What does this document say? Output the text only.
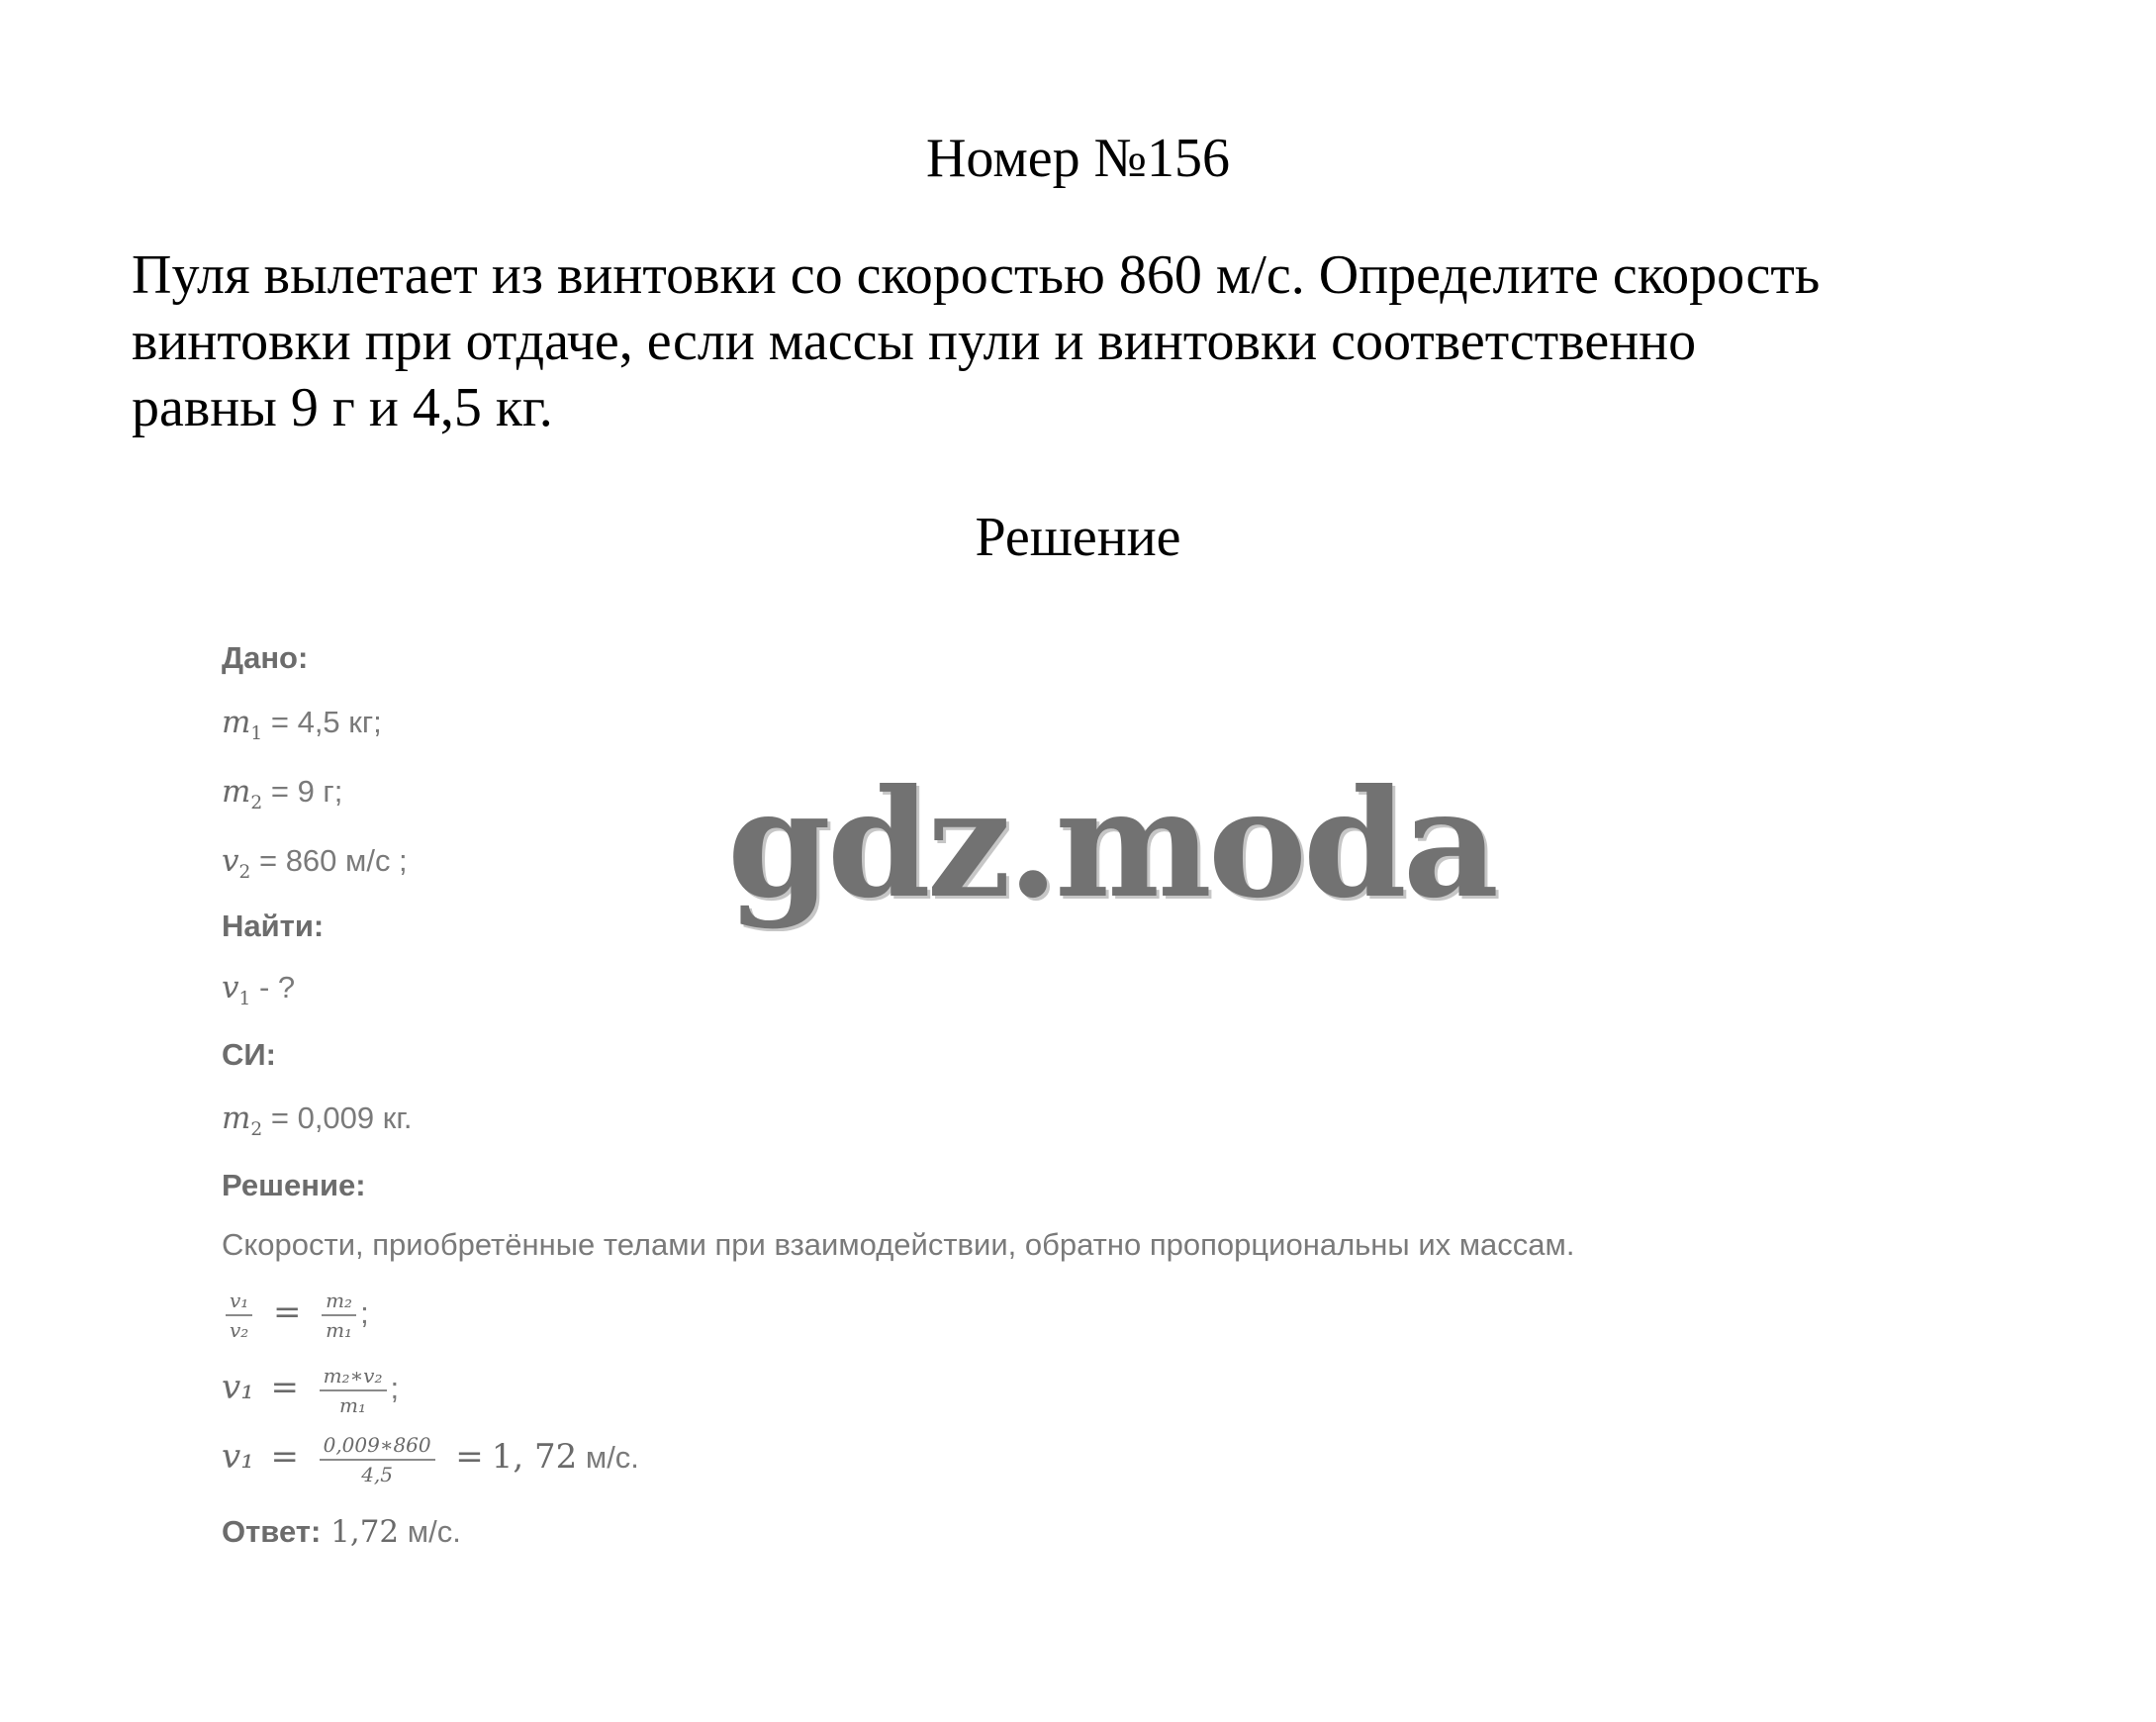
Номер №156

Пуля вылетает из винтовки со скоростью 860 м/с. Определите скорость

винтовки при отдаче, если массы пули и винтовки соответственно

равны 9 г и 4,5 кг.

Решение
Дано:
$m_1 = 4,5$ кг;
$m_2 = 9$ г;
$v_2 = 860$ м/с ;
Найти:
$v_1$ - ?
СИ:
$m_2 = 0,009$ кг.
Решение:
Скорости, приобретённые телами при взаимодействии, обратно пропорциональны их массам.
$\frac{\text{v₁}}{\text{v₂}} = \frac{\text{m₂}}{\text{m₁}}$ ;
$v_1 = \frac{\text{m₂∗v₂}}{\text{m₁}}$ ;
$v_1 = \frac{0,009∗860}{4,5} = 1$, 72 м/с.
Ответ: 1,72 м/с.
gdz.moda
